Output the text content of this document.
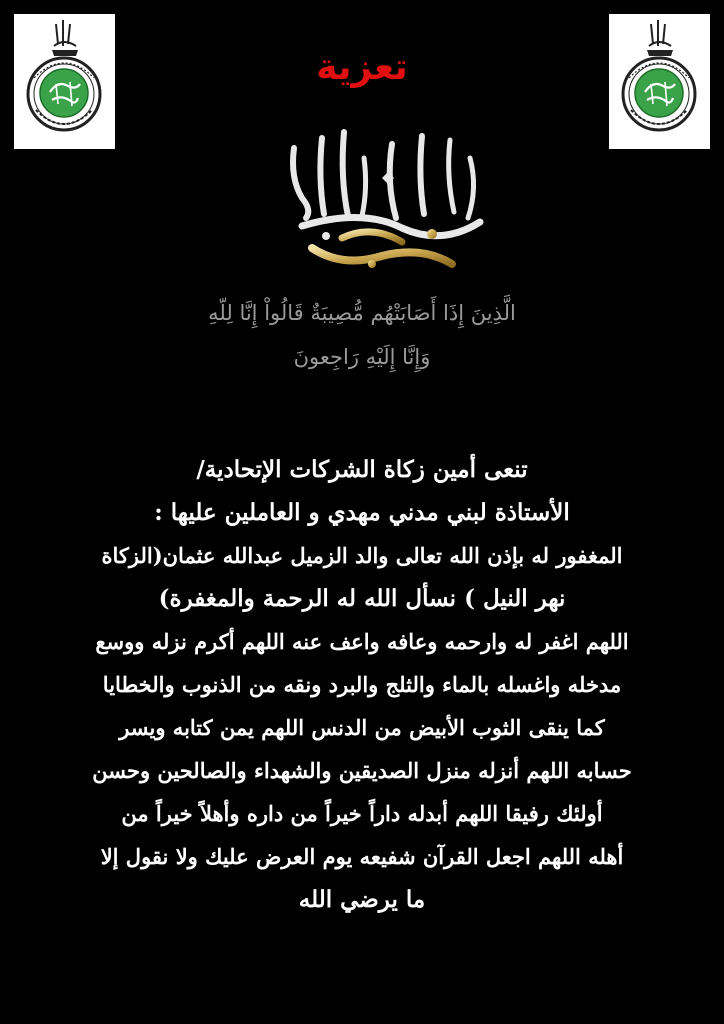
تعزية
الَّذِينَ إِذَا أَصَابَتْهُم مُّصِيبَةٌ قَالُواْ إِنَّا لِلّهِ
وَإِنَّا إِلَيْهِ رَاجِعونَ
تنعى أمين زكاة الشركات الإتحادية/
الأستاذة لبني مدني مهدي و العاملين عليها :
المغفور له بإذن الله تعالى والد الزميل عبدالله عثمان(الزكاة
نهر النيل ) نسأل الله له الرحمة والمغفرة)
اللهم اغفر له وارحمه وعافه واعف عنه اللهم أكرم نزله ووسع
مدخله واغسله بالماء والثلج والبرد ونقه من الذنوب والخطايا
كما ينقى الثوب الأبيض من الدنس اللهم يمن كتابه ويسر
حسابه اللهم أنزله منزل الصديقين والشهداء والصالحين وحسن
أولئك رفيقا اللهم أبدله داراً خيراً من داره وأهلاً خيراً من
أهله اللهم اجعل القرآن شفيعه يوم العرض عليك ولا نقول إلا
ما يرضي الله
